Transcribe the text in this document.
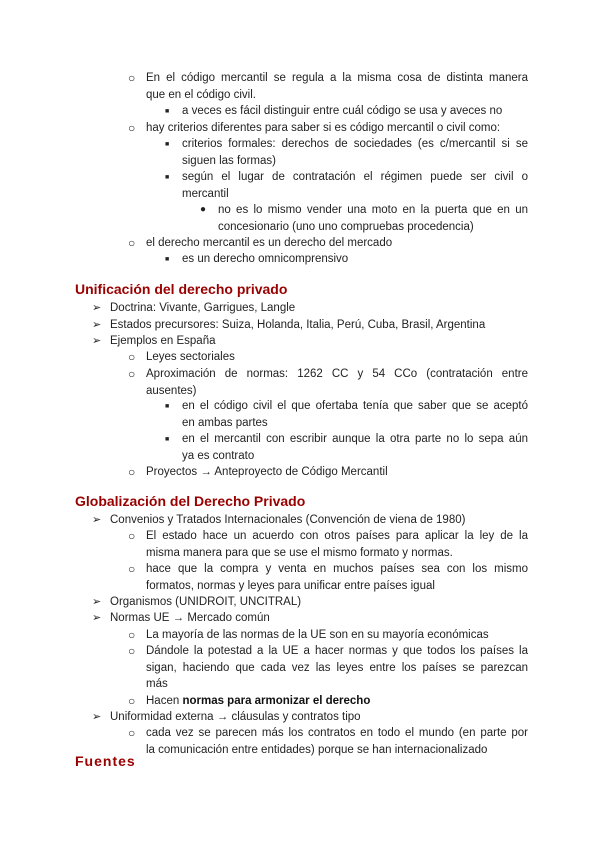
○ En el código mercantil se regula a la misma cosa de distinta manera
que en el código civil.
■ a veces es fácil distinguir entre cuál código se usa y aveces no
○ hay criterios diferentes para saber si es código mercantil o civil como:
■ criterios formales: derechos de sociedades (es c/mercantil si se
siguen las formas)
■ según el lugar de contratación el régimen puede ser civil o
mercantil
● no es lo mismo vender una moto en la puerta que en un
concesionario (uno uno compruebas procedencia)
○ el derecho mercantil es un derecho del mercado
■ es un derecho omnicomprensivo
Unificación del derecho privado
➢ Doctrina: Vivante, Garrigues, Langle
➢ Estados precursores: Suiza, Holanda, Italia, Perú, Cuba, Brasil, Argentina
➢ Ejemplos en España
○ Leyes sectoriales
○ Aproximación de normas: 1262 CC y 54 CCo (contratación entre
ausentes)
■ en el código civil el que ofertaba tenía que saber que se aceptó
en ambas partes
■ en el mercantil con escribir aunque la otra parte no lo sepa aún
ya es contrato
○ Proyectos → Anteproyecto de Código Mercantil
Globalización del Derecho Privado
➢ Convenios y Tratados Internacionales (Convención de viena de 1980)
○ El estado hace un acuerdo con otros países para aplicar la ley de la
misma manera para que se use el mismo formato y normas.
○ hace que la compra y venta en muchos países sea con los mismo
formatos, normas y leyes para unificar entre países igual
➢ Organismos (UNIDROIT, UNCITRAL)
➢ Normas UE → Mercado común
○ La mayoría de las normas de la UE son en su mayoría económicas
○ Dándole la potestad a la UE a hacer normas y que todos los países la
sigan, haciendo que cada vez las leyes entre los países se parezcan
más
○ Hacen normas para armonizar el derecho
➢ Uniformidad externa → cláusulas y contratos tipo
○ cada vez se parecen más los contratos en todo el mundo (en parte por
la comunicación entre entidades) porque se han internacionalizado
Fuentes
